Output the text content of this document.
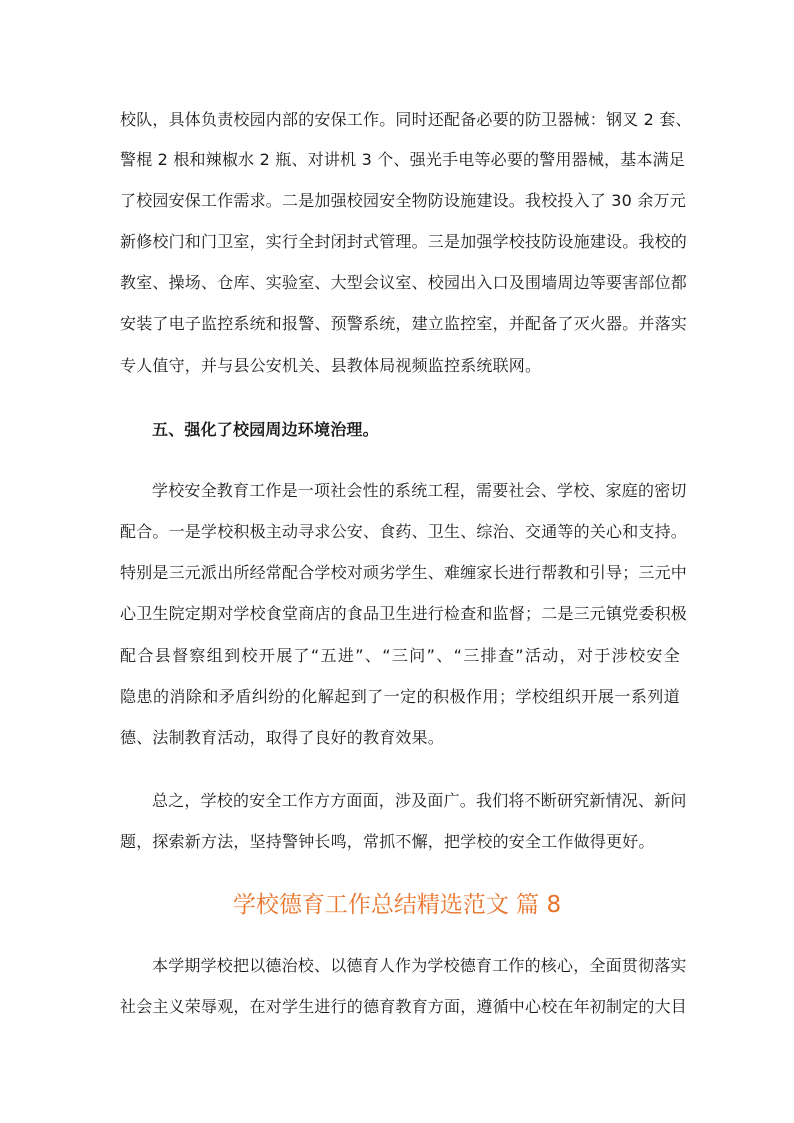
校队，具体负责校园内部的安保工作。同时还配备必要的防卫器械：钢叉 2 套、
警棍 2 根和辣椒水 2 瓶、对讲机 3 个、强光手电等必要的警用器械，基本满足
了校园安保工作需求。二是加强校园安全物防设施建设。我校投入了 30 余万元
新修校门和门卫室，实行全封闭封式管理。三是加强学校技防设施建设。我校的
教室、操场、仓库、实验室、大型会议室、校园出入口及围墙周边等要害部位都
安装了电子监控系统和报警、预警系统，建立监控室，并配备了灭火器。并落实
专人值守，并与县公安机关、县教体局视频监控系统联网。
五、强化了校园周边环境治理。
学校安全教育工作是一项社会性的系统工程，需要社会、学校、家庭的密切
配合。一是学校积极主动寻求公安、食药、卫生、综治、交通等的关心和支持。
特别是三元派出所经常配合学校对顽劣学生、难缠家长进行帮教和引导；三元中
心卫生院定期对学校食堂商店的食品卫生进行检查和监督；二是三元镇党委积极
配合县督察组到校开展了“五进”、“三问”、“三排查”活动，对于涉校安全
隐患的消除和矛盾纠纷的化解起到了一定的积极作用；学校组织开展一系列道
德、法制教育活动，取得了良好的教育效果。
总之，学校的安全工作方方面面，涉及面广。我们将不断研究新情况、新问
题，探索新方法，坚持警钟长鸣，常抓不懈，把学校的安全工作做得更好。
学校德育工作总结精选范文 篇 8
本学期学校把以德治校、以德育人作为学校德育工作的核心，全面贯彻落实
社会主义荣辱观，在对学生进行的德育教育方面，遵循中心校在年初制定的大目
